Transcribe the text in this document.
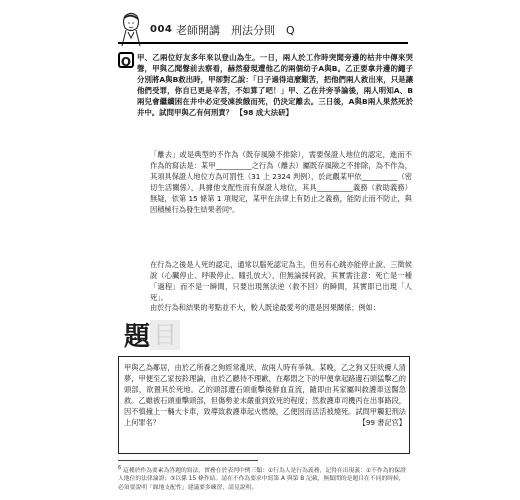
004 老師開講　刑法分則　Q
Q 甲、乙兩位好友多年來以登山為生。一日，兩人於工作時突聞旁邊的枯井中傳來哭聲，甲與乙聞聲前去察看，赫然發現遭他乙的兩個幼子A與B。乙正要拿井邊的繩子分別將A與B救出時，甲卻對乙說：「日子過得這麼艱苦，把他們兩人救出來，只是讓他們受罪，你自已更是辛苦，不如算了吧！」甲、乙在井旁爭論後，兩人明知A、B兩兒會繼續困在井中必定受凍挨餓而死，仍決定離去。三日後，A與B兩人果然死於井中。試問甲與乙有何刑責？ 【98 成大法研】
「離去」或是典型的不作為（既存風險不排除），需要保證人地位的認定，進而不作為的寫法是：某甲__________之行為（離去）屬既存風險之不排除，為不作為，其須具保證人地位方為可罰性（31 上 2324 判例），於此觀某甲依__________（密切生活關係），具據他支配性而有保證人地位，其具__________義務（救助義務）無疑，依第 15 條第 1 項規定，某甲在法律上有防止之義務，能防止而不防止，與因積極行為發生結果者同⁶。
在行為之後是人死的認定，通常以腦死認定為主，但另有心跳亦能停止說、三徵候說（心臟停止、呼吸停止、瞳孔放大）、但無論採何說，其實需注意：死亡是一種「過程」而不是一瞬間，只要出現無法逆（救不回）的瞬間，其實即已出現「人死」。
由於行為和結果的考點並不大，較人既途最愛考的還是因果關係；例如：
題 目
甲與乙為鄰居，由於乙所養之狗經常亂吠，故兩人時有爭執。某晚，乙之狗又狂吠擾人清夢，甲便至乙家按鈴理論，由於乙聽待不理歉，在鄰悶之下的甲便拿起路邊石頭猛擊乙的頭部，欲置其於死地。乙的頭部遭石頭重擊後鮮血直流，隨即由其家屬叫救護車送醫急救。乙雖被石頭重擊頭部，但傷勢並未嚴重到致死的程度；然救護車司機丙在出事路段，因不慎撞上一輛大卡車，致導致救護車起火燃燒，乙便因而活活被燒死。試問甲觸犯刑法上何罪名？	【99 書記官】
$^6$ 這種於作為要素為答題的寫法，實務在於表判中例三類：①行為人是行為義務，記得在出現義：①不作為的保證人地位的法律論證；③以係 15 條作結。請在不作為要求中寫第 A 與第 B 記載，無類問的是題目在不同的時候，必須要說明「緣地支配性」建議要多練習，請見說明。
